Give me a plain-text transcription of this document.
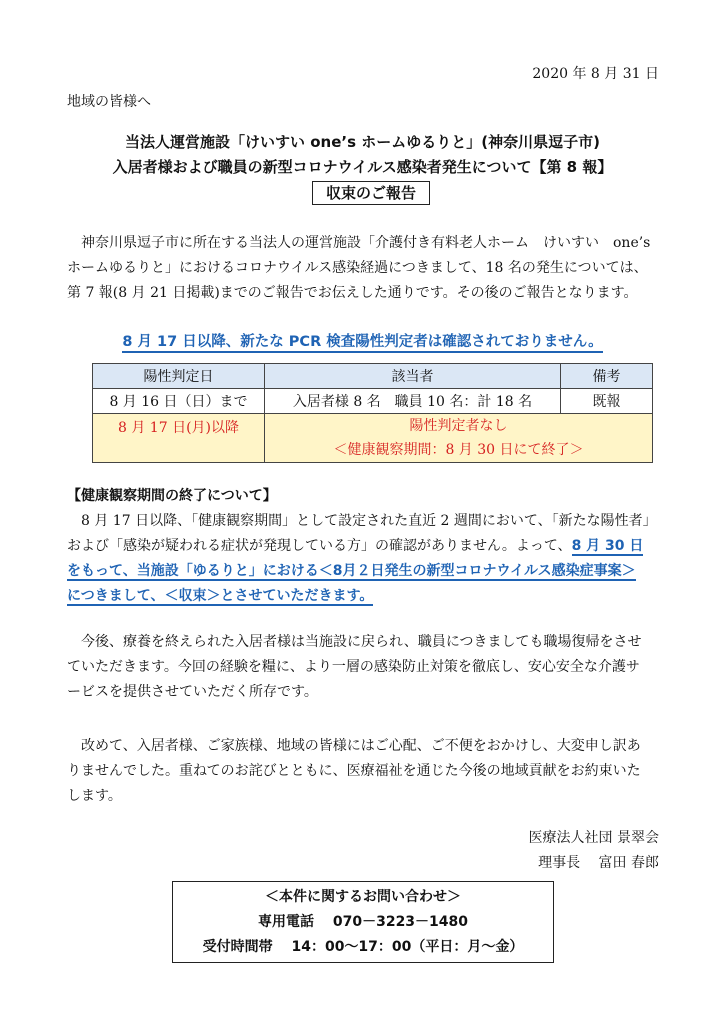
2020 年 8 月 31 日
地域の皆様へ
当法人運営施設「けいすい one’s ホームゆるりと」(神奈川県逗子市)
入居者様および職員の新型コロナウイルス感染者発生について【第 8 報】
収束のご報告
神奈川県逗子市に所在する当法人の運営施設「介護付き有料老人ホーム　けいすい　one’s
ホームゆるりと」におけるコロナウイルス感染経過につきまして、18 名の発生については、
第 7 報(8 月 21 日掲載)までのご報告でお伝えした通りです。その後のご報告となります。
8 月 17 日以降、新たな PCR 検査陽性判定者は確認されておりません。
陽性判定日	該当者	備考
8 月 16 日（日）まで	入居者様 8 名　職員 10 名：計 18 名	既報
8 月 17 日(月)以降	陽性判定者なし
＜健康観察期間：8 月 30 日にて終了＞	
【健康観察期間の終了について】
8 月 17 日以降、「健康観察期間」として設定された直近 2 週間において、「新たな陽性者」
および「感染が疑われる症状が発現している方」の確認がありません。よって、8 月 30 日
をもって、当施設「ゆるりと」における＜8月２日発生の新型コロナウイルス感染症事案＞
につきまして、＜収束＞とさせていただきます。
今後、療養を終えられた入居者様は当施設に戻られ、職員につきましても職場復帰をさせ
ていただきます。今回の経験を糧に、より一層の感染防止対策を徹底し、安心安全な介護サ
ービスを提供させていただく所存です。
改めて、入居者様、ご家族様、地域の皆様にはご心配、ご不便をおかけし、大変申し訳あ
りませんでした。重ねてのお詫びとともに、医療福祉を通じた今後の地域貢献をお約束いた
します。
医療法人社団 景翠会
理事長　 富田 春郎
＜本件に関するお問い合わせ＞
専用電話　 070－3223－1480
受付時間帯　 14：00～17：00（平日：月～金）
